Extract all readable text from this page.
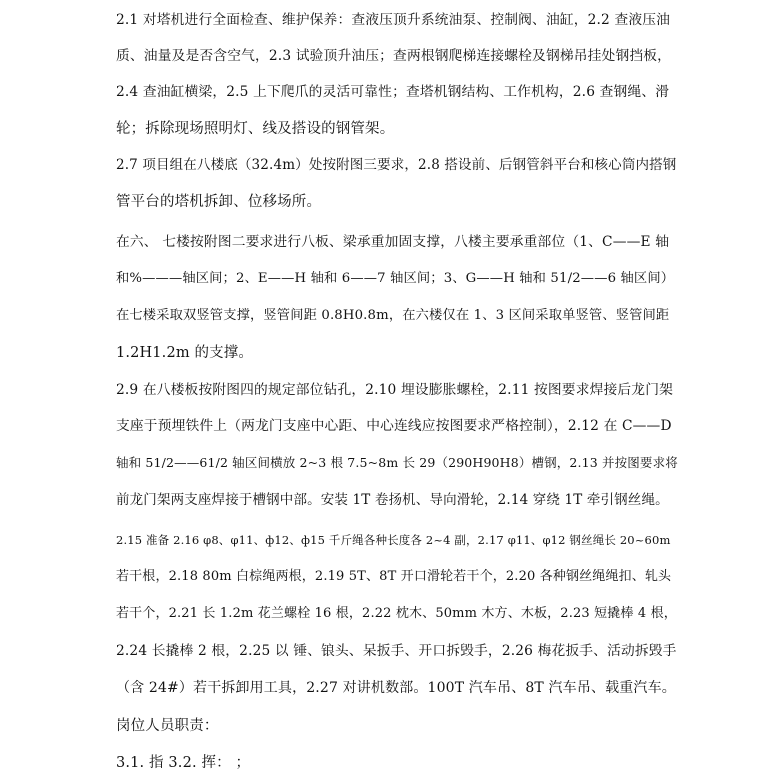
2.1 对塔机进行全面检查、维护保养：查液压顶升系统油泵、控制阀、油缸，2.2 查液压油
质、油量及是否含空气，2.3 试验顶升油压；查两根钢爬梯连接螺栓及钢梯吊挂处钢挡板，
2.4 查油缸横梁，2.5 上下爬爪的灵活可靠性；查塔机钢结构、工作机构，2.6 查钢绳、滑
轮；拆除现场照明灯、线及搭设的钢管架。
2.7 项目组在八楼底（32.4m）处按附图三要求，2.8 搭设前、后钢管斜平台和核心筒内搭钢
管平台的塔机拆卸、位移场所。
在六、 七楼按附图二要求进行八板、梁承重加固支撑，八楼主要承重部位（1、C——E 轴
和%———轴区间；2、E——H 轴和 6——7 轴区间；3、G——H 轴和 51/2——6 轴区间）
在七楼采取双竖管支撑，竖管间距 0.8H0.8m，在六楼仅在 1、3 区间采取单竖管、竖管间距
1.2H1.2m 的支撑。
2.9 在八楼板按附图四的规定部位钻孔，2.10 埋设膨胀螺栓，2.11 按图要求焊接后龙门架
支座于预埋铁件上（两龙门支座中心距、中心连线应按图要求严格控制），2.12 在 C——D
轴和 51/2——61/2 轴区间横放 2~3 根 7.5~8m 长 29（290H90H8）槽钢，2.13 并按图要求将
前龙门架两支座焊接于槽钢中部。安装 1T 卷扬机、导向滑轮，2.14 穿绕 1T 牵引钢丝绳。
2.15 准备 2.16 φ8、φ11、ф12、ф15 千斤绳各种长度各 2~4 副，2.17 φ11、φ12 钢丝绳长 20~60m
若干根，2.18 80m 白棕绳两根，2.19 5T、8T 开口滑轮若干个，2.20 各种钢丝绳绳扣、轧头
若干个，2.21 长 1.2m 花兰螺栓 16 根，2.22 枕木、50mm 木方、木板，2.23 短撬棒 4 根，
2.24 长撬棒 2 根，2.25 以 锤、锒头、呆扳手、开口拆毁手，2.26 梅花扳手、活动拆毁手
（含 24#）若干拆卸用工具，2.27 对讲机数部。100T 汽车吊、8T 汽车吊、载重汽车。
岗位人员职责：
3.1. 指 3.2. 挥： ；
